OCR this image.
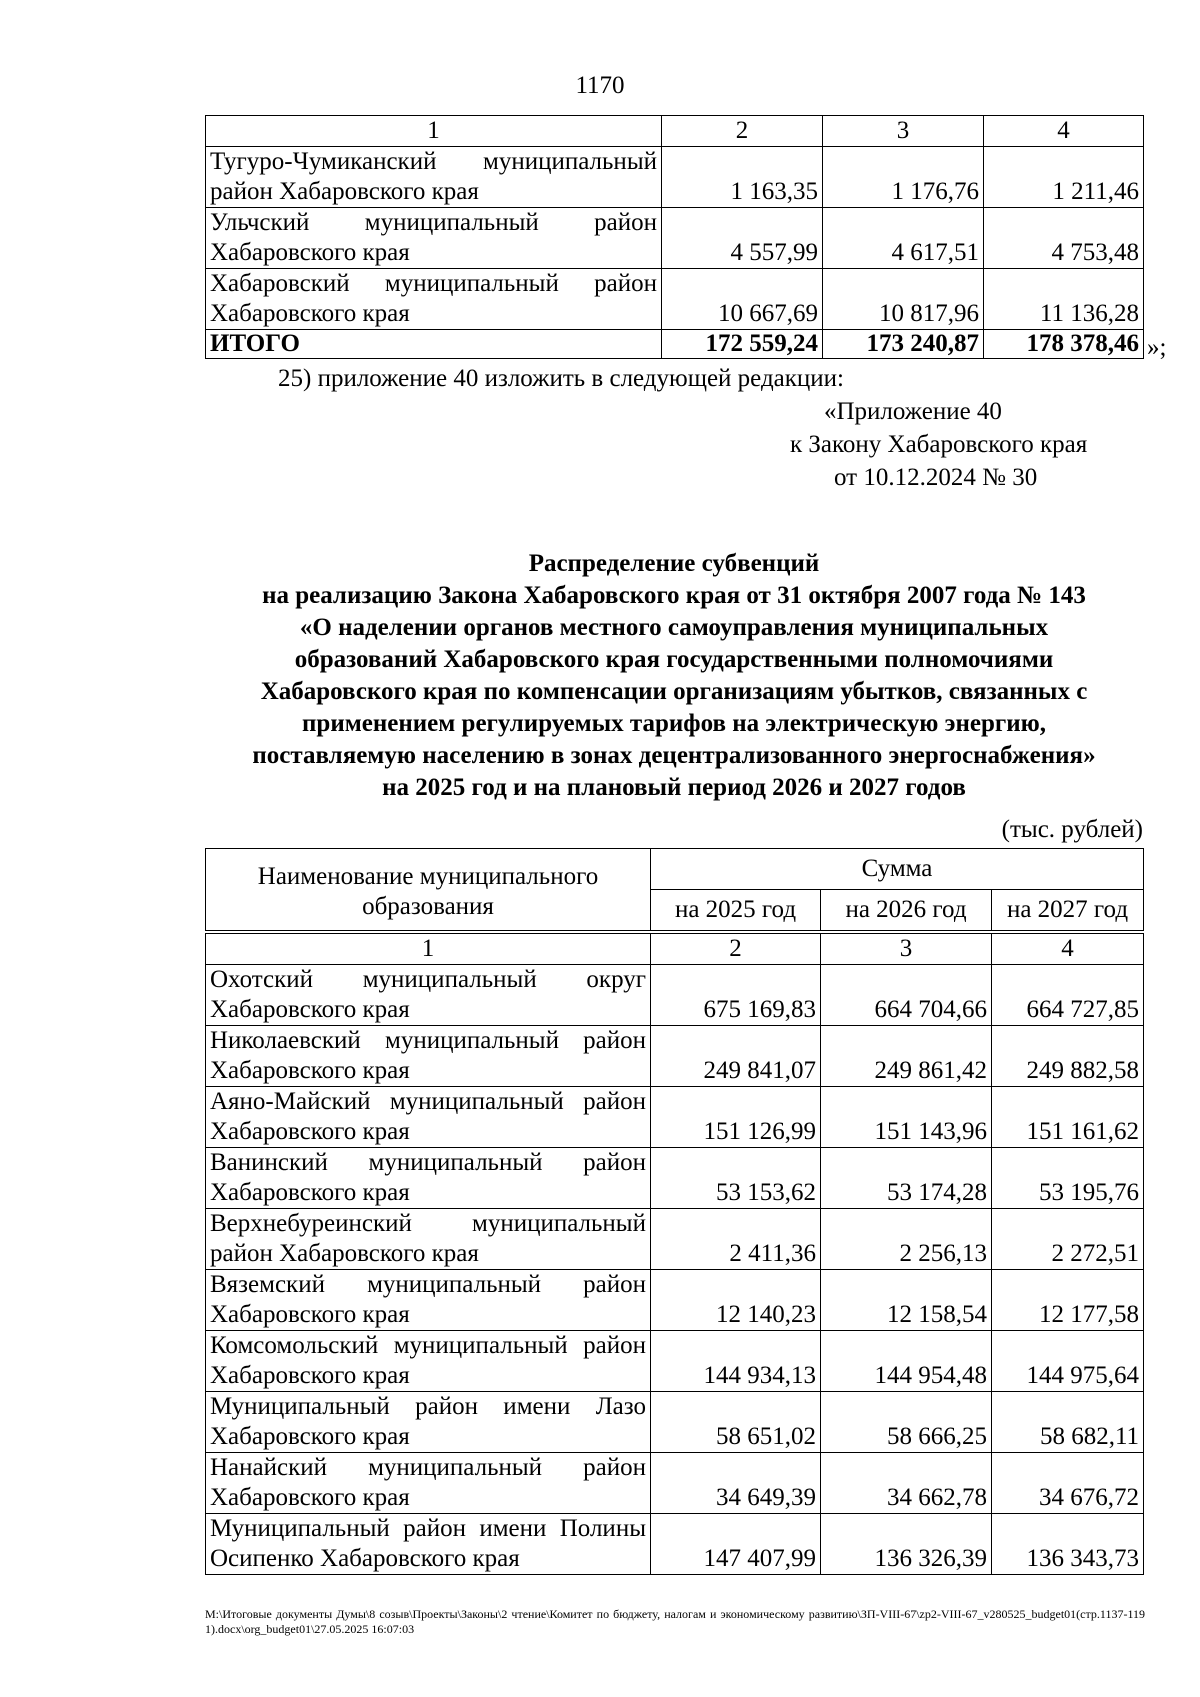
1170
1	2	3	4
Тугуро-Чумиканский муниципальный район Хабаровского края	1 163,35	1 176,76	1 211,46
Ульчский муниципальный район Хабаровского края	4 557,99	4 617,51	4 753,48
Хабаровский муниципальный район Хабаровского края	10 667,69	10 817,96	11 136,28
ИТОГО	172 559,24	173 240,87	178 378,46 »;
25) приложение 40 изложить в следующей редакции:
«Приложение 40
к Закону Хабаровского края
от 10.12.2024 № 30
Распределение субвенций
на реализацию Закона Хабаровского края от 31 октября 2007 года № 143
«О наделении органов местного самоуправления муниципальных
образований Хабаровского края государственными полномочиями
Хабаровского края по компенсации организациям убытков, связанных с
применением регулируемых тарифов на электрическую энергию,
поставляемую населению в зонах децентрализованного энергоснабжения»
на 2025 год и на плановый период 2026 и 2027 годов
(тыс. рублей)
Наименование муниципального образования	Сумма		
	на 2025 год	на 2026 год	на 2027 год
1	2	3	4
Охотский муниципальный округ Хабаровского края	675 169,83	664 704,66	664 727,85
Николаевский муниципальный район Хабаровского края	249 841,07	249 861,42	249 882,58
Аяно-Майский муниципальный район Хабаровского края	151 126,99	151 143,96	151 161,62
Ванинский муниципальный район Хабаровского края	53 153,62	53 174,28	53 195,76
Верхнебуреинский муниципальный район Хабаровского края	2 411,36	2 256,13	2 272,51
Вяземский муниципальный район Хабаровского края	12 140,23	12 158,54	12 177,58
Комсомольский муниципальный район Хабаровского края	144 934,13	144 954,48	144 975,64
Муниципальный район имени Лазо Хабаровского края	58 651,02	58 666,25	58 682,11
Нанайский муниципальный район Хабаровского края	34 649,39	34 662,78	34 676,72
Муниципальный район имени Полины Осипенко Хабаровского края	147 407,99	136 326,39	136 343,73
М:\Итоговые документы Думы\8 созыв\Проекты\Законы\2 чтение\Комитет по бюджету, налогам и экономическому развитию\ЗП-VIII-67\zp2-VIII-67_v280525_budget01(стр.1137-1191).docx\org_budget01\27.05.2025 16:07:03
